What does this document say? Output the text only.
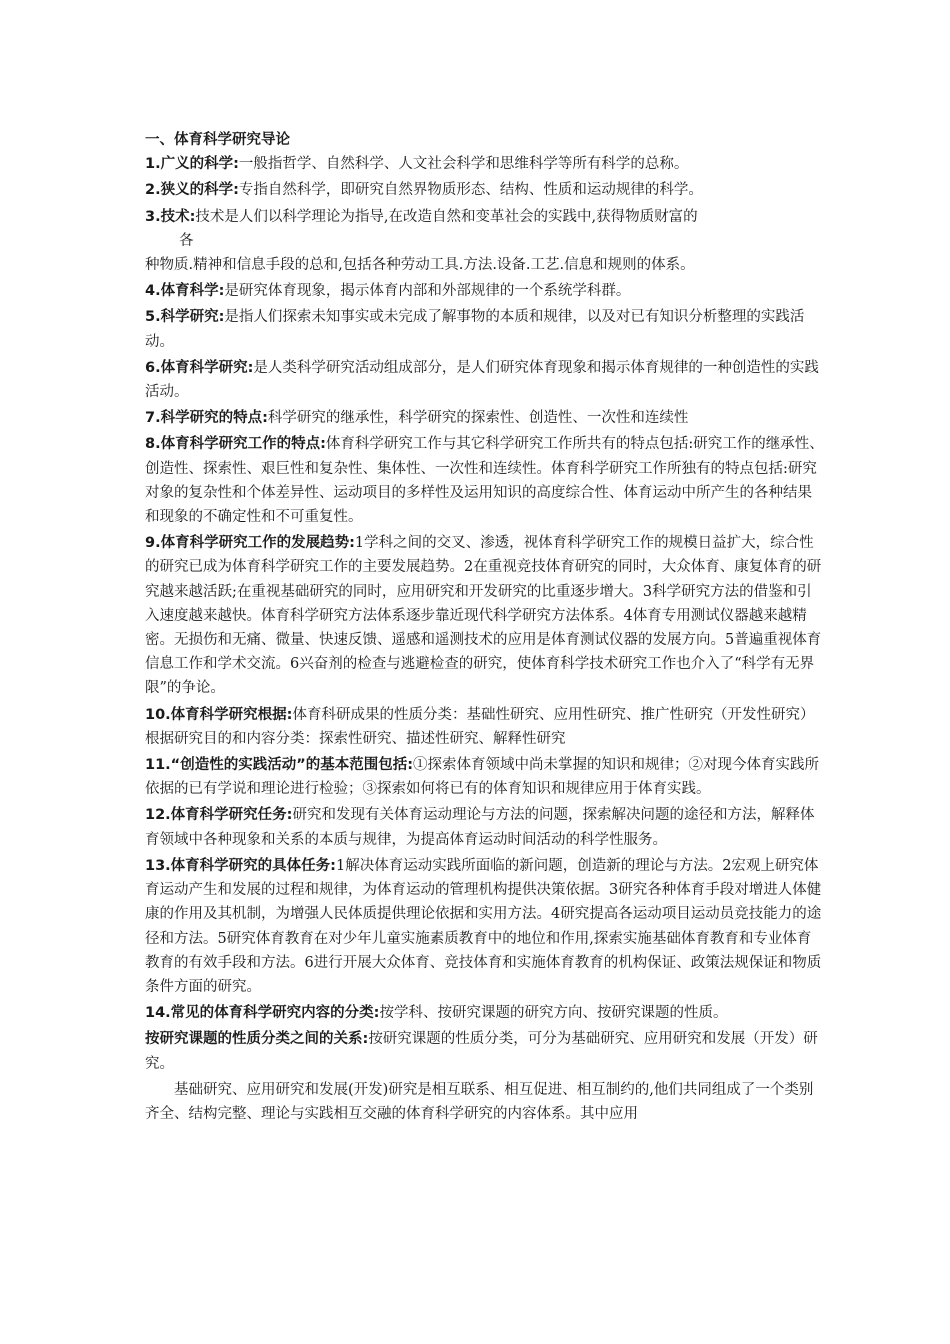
一、体育科学研究导论
1.广义的科学:一般指哲学、自然科学、人文社会科学和思维科学等所有科学的总称。
2.狭义的科学:专指自然科学，即研究自然界物质形态、结构、性质和运动规律的科学。
3.技术:技术是人们以科学理论为指导,在改造自然和变革社会的实践中,获得物质财富的
各
种物质.精神和信息手段的总和,包括各种劳动工具.方法.设备.工艺.信息和规则的体系。
4.体育科学:是研究体育现象，揭示体育内部和外部规律的一个系统学科群。
5.科学研究:是指人们探索未知事实或未完成了解事物的本质和规律，以及对已有知识分析整理的实践活动。
6.体育科学研究:是人类科学研究活动组成部分，是人们研究体育现象和揭示体育规律的一种创造性的实践活动。
7.科学研究的特点:科学研究的继承性，科学研究的探索性、创造性、一次性和连续性
8.体育科学研究工作的特点:体育科学研究工作与其它科学研究工作所共有的特点包括:研究工作的继承性、创造性、探索性、艰巨性和复杂性、集体性、一次性和连续性。体育科学研究工作所独有的特点包括:研究对象的复杂性和个体差异性、运动项目的多样性及运用知识的高度综合性、体育运动中所产生的各种结果和现象的不确定性和不可重复性。
9.体育科学研究工作的发展趋势:1学科之间的交叉、渗透，视体育科学研究工作的规模日益扩大，综合性的研究已成为体育科学研究工作的主要发展趋势。2在重视竞技体育研究的同时，大众体育、康复体育的研究越来越活跃;在重视基础研究的同时，应用研究和开发研究的比重逐步增大。3科学研究方法的借鉴和引入速度越来越快。体育科学研究方法体系逐步靠近现代科学研究方法体系。4体育专用测试仪器越来越精密。无损伤和无痛、微量、快速反馈、遥感和遥测技术的应用是体育测试仪器的发展方向。5普遍重视体育信息工作和学术交流。6兴奋剂的检查与逃避检查的研究，使体育科学技术研究工作也介入了“科学有无界限”的争论。
10.体育科学研究根据:体育科研成果的性质分类：基础性研究、应用性研究、推广性研究（开发性研究）根据研究目的和内容分类：探索性研究、描述性研究、解释性研究
11.“创造性的实践活动”的基本范围包括:①探索体育领域中尚未掌握的知识和规律；②对现今体育实践所依据的已有学说和理论进行检验；③探索如何将已有的体育知识和规律应用于体育实践。
12.体育科学研究任务:研究和发现有关体育运动理论与方法的问题，探索解决问题的途径和方法，解释体育领域中各种现象和关系的本质与规律，为提高体育运动时间活动的科学性服务。
13.体育科学研究的具体任务:1解决体育运动实践所面临的新问题，创造新的理论与方法。2宏观上研究体育运动产生和发展的过程和规律，为体育运动的管理机构提供决策依据。3研究各种体育手段对增进人体健康的作用及其机制，为增强人民体质提供理论依据和实用方法。4研究提高各运动项目运动员竞技能力的途径和方法。5研究体育教育在对少年儿童实施素质教育中的地位和作用,探索实施基础体育教育和专业体育教育的有效手段和方法。6进行开展大众体育、竞技体育和实施体育教育的机构保证、政策法规保证和物质条件方面的研究。
14.常见的体育科学研究内容的分类:按学科、按研究课题的研究方向、按研究课题的性质。
按研究课题的性质分类之间的关系:按研究课题的性质分类，可分为基础研究、应用研究和发展（开发）研究。
基础研究、应用研究和发展(开发)研究是相互联系、相互促进、相互制约的,他们共同组成了一个类别齐全、结构完整、理论与实践相互交融的体育科学研究的内容体系。其中应用
